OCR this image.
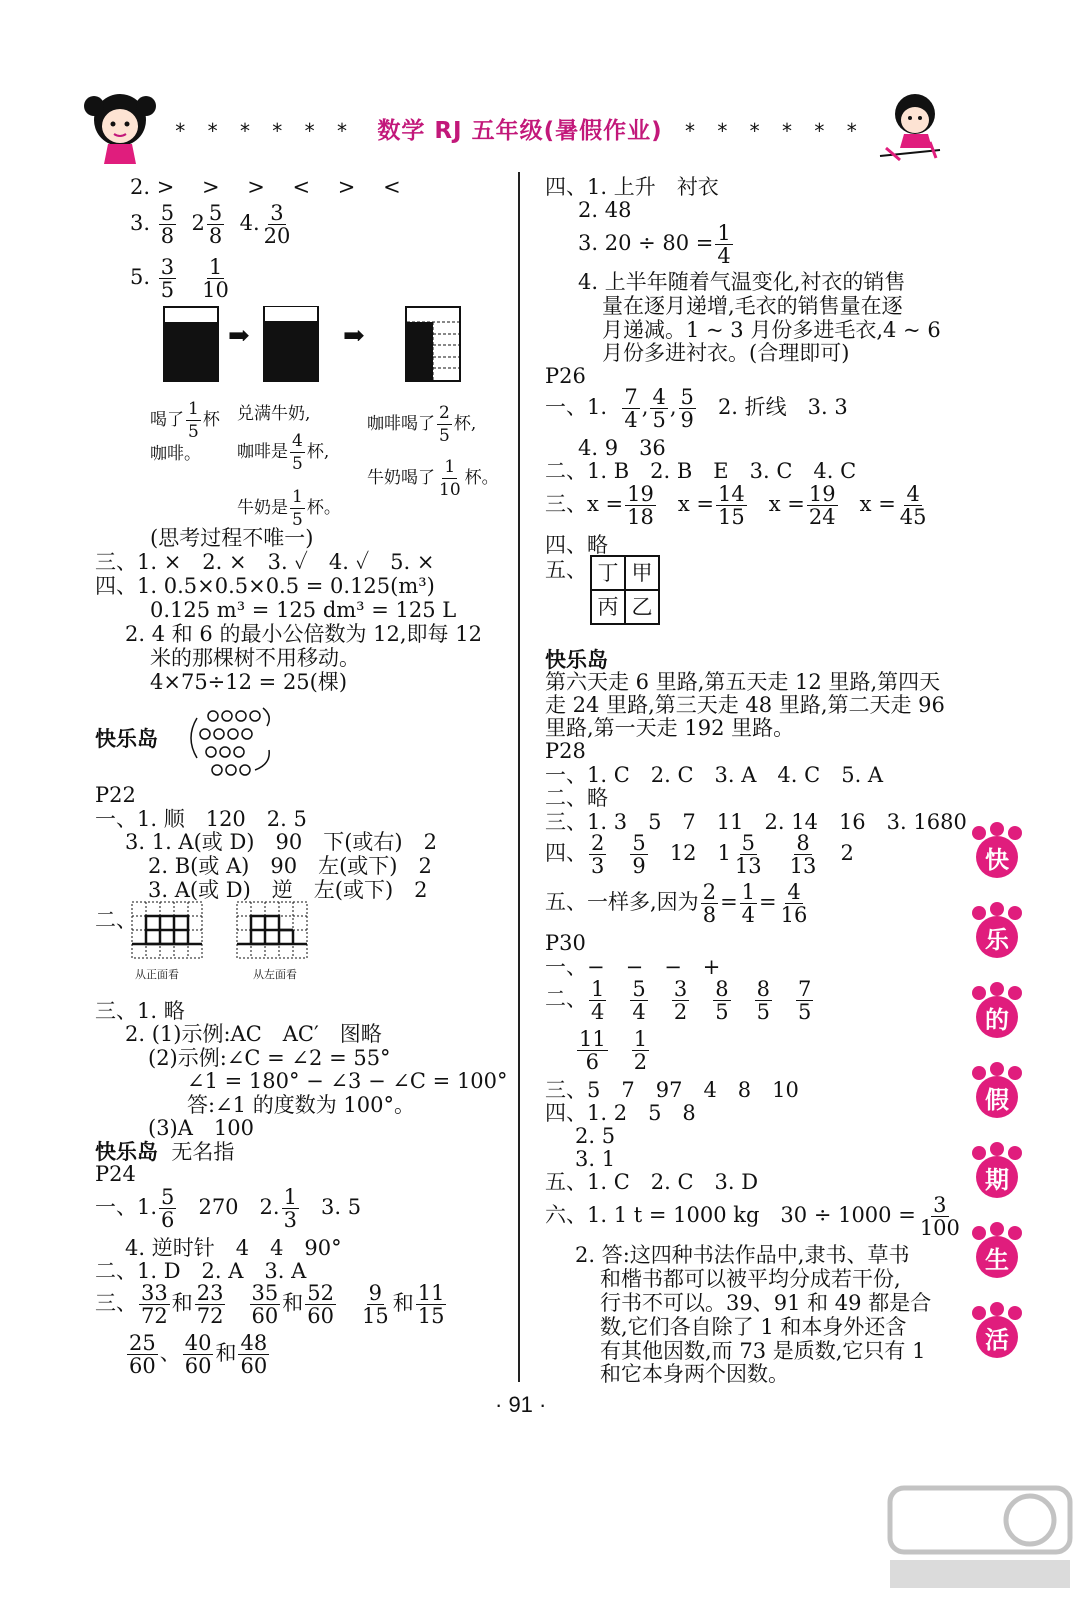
* * * * * * 数学 RJ 五年级(暑假作业) * * * * * *
2. >　 >　 >　 <　 >　 <
3. $\frac{5}{8} 2 \frac{5}{8} 4$. $\frac{3}{20}$
5. $\frac{3}{5}$
$\frac{1}{10}$
➡	➡
喝了 $\frac{1}{5}$ 杯
咖啡。
兑满牛奶,
咖啡是 $\frac{4}{5}$ 杯,
牛奶是 $\frac{1}{5}$ 杯。
咖啡喝了 $\frac{2}{5}$ 杯,
牛奶喝了 $\frac{1}{10}$ 杯。
(思考过程不唯一)
三、1. ×　2. ×　3. ✓　4. ✓　5. ×
四、1. 0.5×0.5×0.5 = 0.125(m³)
0.125 m³ = 125 dm³ = 125 L
2. 4 和 6 的最小公倍数为 12,即每 12
米的那棵树不用移动。
4×75÷12 = 25(棵)
快乐岛
P22
一、1. 顺　120　2. 5
3. 1. A(或 D)　90　下(或右)　2
2. B(或 A)　90　左(或下)　2
3. A(或 D)　逆　左(或下)　2
二、
从正面看	从左面看
三、1. 略
2. (1)示例:AC　AC′　图略
(2)示例:∠C = ∠2 = 55°
∠1 = 180° − ∠3 − ∠C = 100°
答:∠1 的度数为 100°。
(3)A　100
快乐岛 无名指
P24
一、1. $\frac{5}{6} 270$　2. $\frac{1}{3} 3$. 5
4. 逆时针　4　4　90°
二、1. D　2. A　3. A
三、 $\frac{33}{72}$ 和 $\frac{23}{72}$
$\frac{35}{60}$ 和 $\frac{52}{60}$
$\frac{9}{15}$ 和 $\frac{11}{15}$
$\frac{25}{60}$ 、 $\frac{40}{60}$ 和 $\frac{48}{60}$
四、1. 上升　衬衣
2. 48
3. $20 \div 80 = \frac{1}{4}$
4. 上半年随着气温变化,衬衣的销售
量在逐月递增,毛衣的销售量在逐
月递减。1 ~ 3 月份多进毛衣,4 ~ 6
月份多进衬衣。(合理即可)
P26
一、1. $\frac{7}{4}$ , $\frac{4}{5}$ , $\frac{5}{9} 2$. 折线　3. 3
4. 9　36
二、1. B　2. B　E　3. C　4. C
三、$x = \frac{19}{18}$ $x = \frac{14}{15}$ $x = \frac{19}{24}$ $x = \frac{4}{45}$
四、略
五、 丁	甲
丙	乙
快乐岛
第六天走 6 里路,第五天走 12 里路,第四天
走 24 里路,第三天走 48 里路,第二天走 96
里路,第一天走 192 里路。
P28
一、1. C　2. C　3. A　4. C　5. A
二、略
三、1. 3　5　7　11　2. 14　16　3. 1680
四、 $\frac{2}{3}$
$\frac{5}{9} 12$　$1 \frac{5}{13}$
$\frac{8}{13} 2$
五、一样多,因为 $\frac{2}{8} = \frac{1}{4} = \frac{4}{16}$
P30
一、−　−　−　+
二、 $\frac{1}{4}$
$\frac{5}{4}$
$\frac{3}{2}$
$\frac{8}{5}$
$\frac{8}{5}$
$\frac{7}{5}$
$\frac{11}{6}$
$\frac{1}{2}$
三、5　7　97　4　8　10
四、1. 2　5　8
2. 5
3. 1
五、1. C　2. C　3. D
六、1. 1 t = 1000 kg　$30 \div 1000 = \frac{3}{100}$
2. 答:这四种书法作品中,隶书、草书
和楷书都可以被平均分成若干份,
行书不可以。39、91 和 49 都是合
数,它们各自除了 1 和本身外还含
有其他因数,而 73 是质数,它只有 1
和它本身两个因数。
快
乐
的
假
期
生
活
· 91 ·
